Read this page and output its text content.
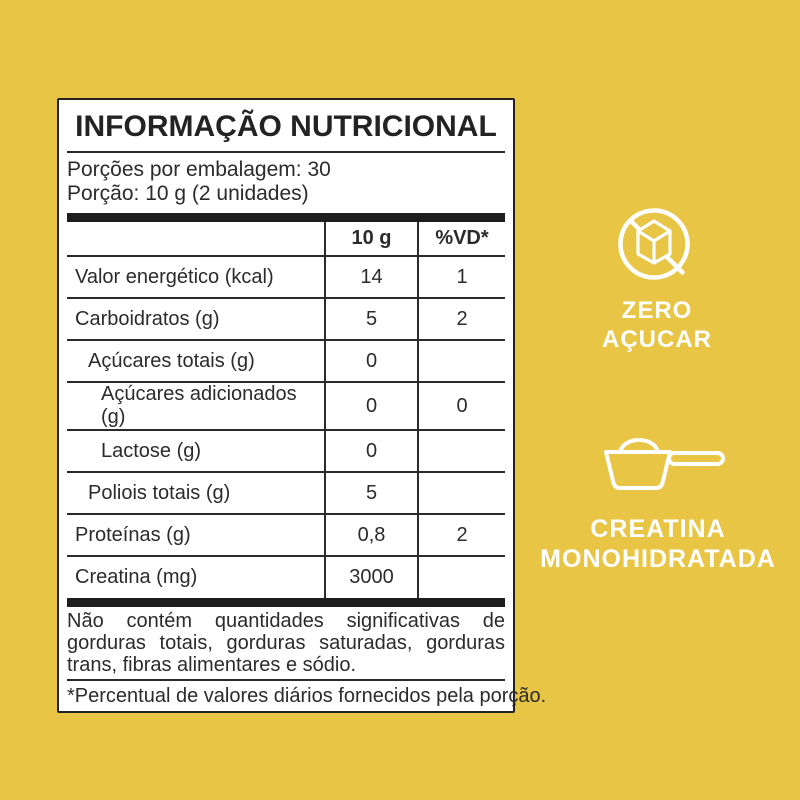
INFORMAÇÃO NUTRICIONAL
Porções por embalagem: 30
Porção: 10 g (2 unidades)
	10 g	%VD*
Valor energético (kcal)	14	1
Carboidratos (g)	5	2
Açúcares totais (g)	0	
Açúcares adicionados (g)	0	0
Lactose (g)	0	
Poliois totais (g)	5	
Proteínas (g)	0,8	2
Creatina (mg)	3000	
Não contém quantidades significativas de gorduras totais, gorduras saturadas, gorduras trans, fibras alimentares e sódio.
*Percentual de valores diários fornecidos pela porção.
ZERO
AÇUCAR
CREATINA
MONOHIDRATADA
